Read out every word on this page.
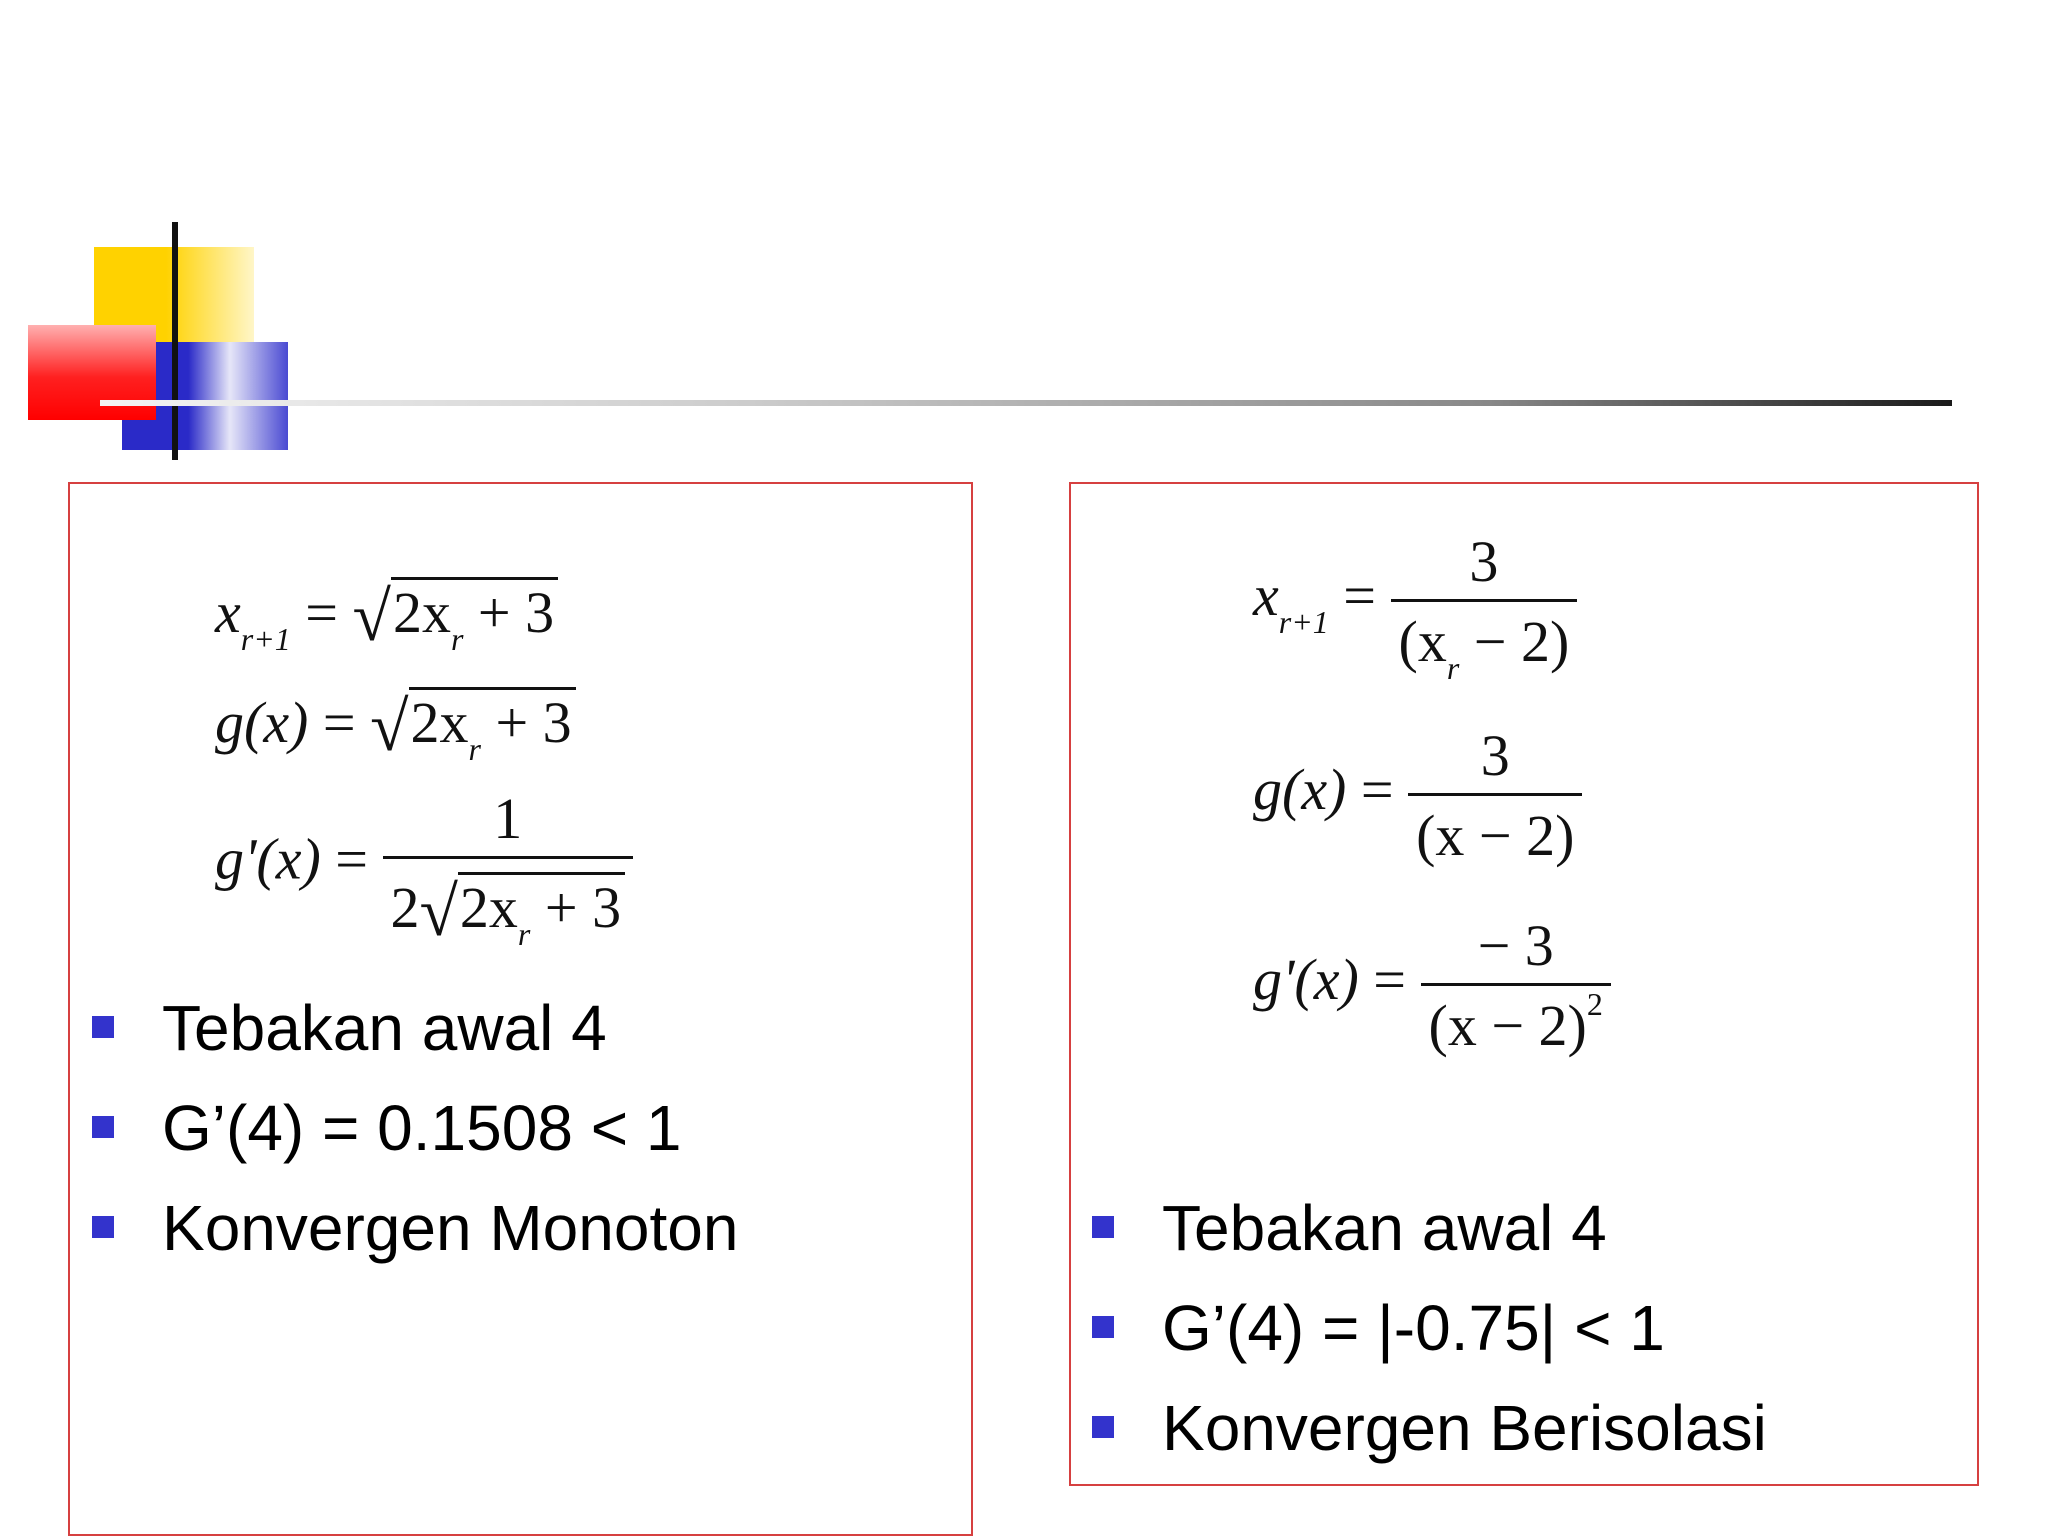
$x_{r+1} = √2x_r + 3$
$g(x) = √2x_r + 3$
$g'(x) = \frac{1}{2√2x_r + 3}$
Tebakan awal 4
G’(4) = 0.1508 < 1
Konvergen Monoton
$x_{r+1} = \frac{3}{(x_r - 2)}$
$g(x) = \frac{3}{(x - 2)}$
$g'(x) = \frac{- 3}{(x - 2)^2}$
Tebakan awal 4
G’(4) = |-0.75| < 1
Konvergen Berisolasi
